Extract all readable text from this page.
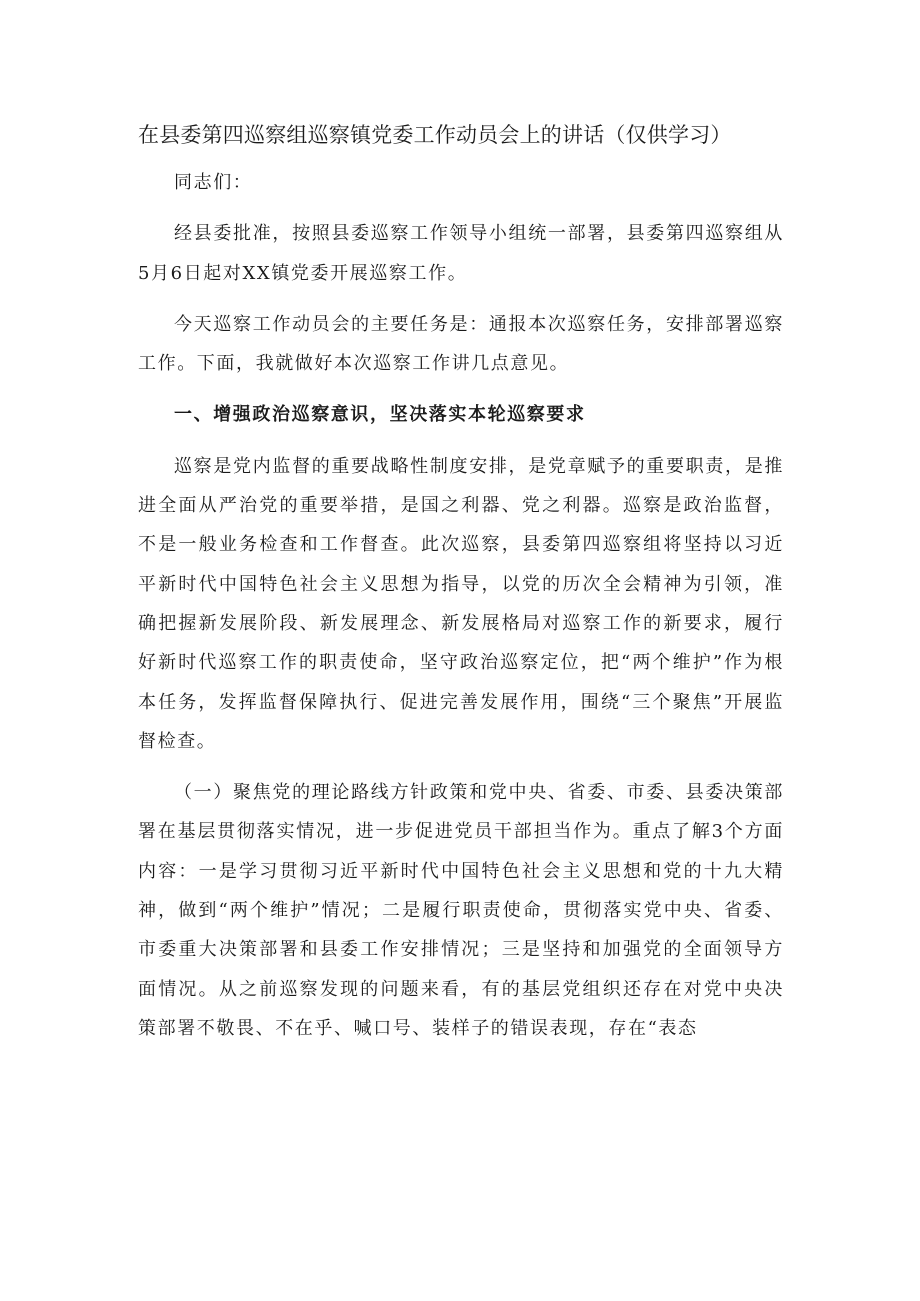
在县委第四巡察组巡察镇党委工作动员会上的讲话（仅供学习）

同志们：

经县委批准，按照县委巡察工作领导小组统一部署，县委第四巡察组从5月6日起对XX镇党委开展巡察工作。

今天巡察工作动员会的主要任务是：通报本次巡察任务，安排部署巡察工作。下面，我就做好本次巡察工作讲几点意见。

一、增强政治巡察意识，坚决落实本轮巡察要求

巡察是党内监督的重要战略性制度安排，是党章赋予的重要职责，是推进全面从严治党的重要举措，是国之利器、党之利器。巡察是政治监督，不是一般业务检查和工作督查。此次巡察，县委第四巡察组将坚持以习近平新时代中国特色社会主义思想为指导，以党的历次全会精神为引领，准确把握新发展阶段、新发展理念、新发展格局对巡察工作的新要求，履行好新时代巡察工作的职责使命，坚守政治巡察定位，把“两个维护”作为根本任务，发挥监督保障执行、促进完善发展作用，围绕“三个聚焦”开展监督检查。

（一）聚焦党的理论路线方针政策和党中央、省委、市委、县委决策部署在基层贯彻落实情况，进一步促进党员干部担当作为。重点了解3个方面内容：一是学习贯彻习近平新时代中国特色社会主义思想和党的十九大精神，做到“两个维护”情况；二是履行职责使命，贯彻落实党中央、省委、市委重大决策部署和县委工作安排情况；三是坚持和加强党的全面领导方面情况。从之前巡察发现的问题来看，有的基层党组织还存在对党中央决策部署不敬畏、不在乎、喊口号、装样子的错误表现，存在“表态
